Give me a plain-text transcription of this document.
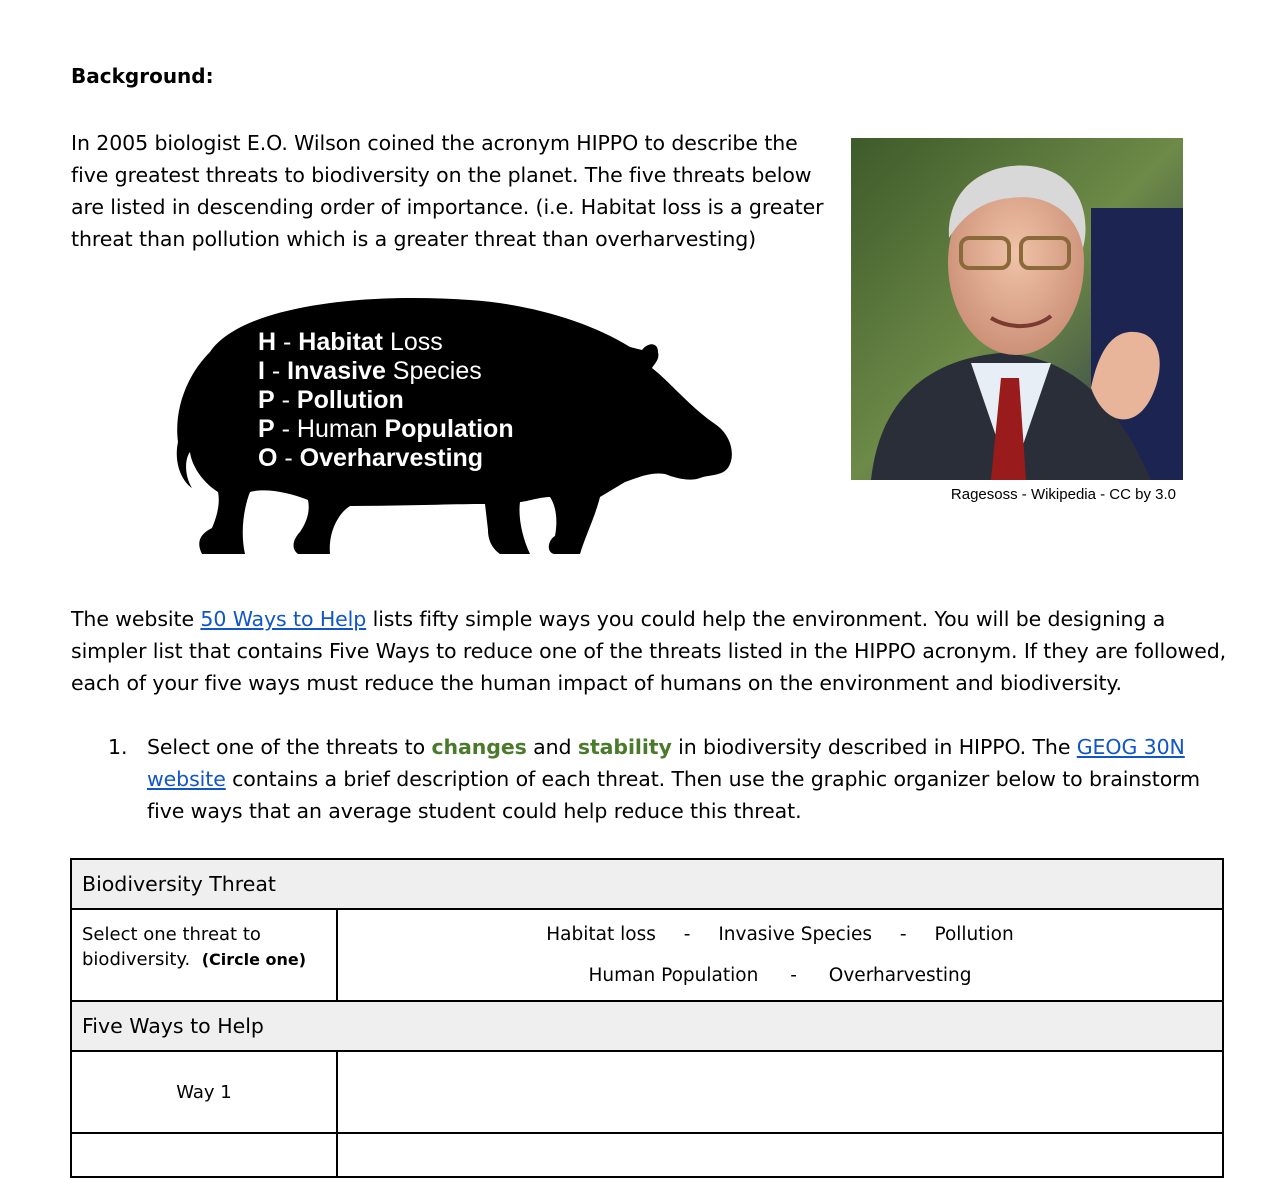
Background:
In 2005 biologist E.O. Wilson coined the acronym HIPPO to describe the five greatest threats to biodiversity on the planet. The five threats below are listed in descending order of importance. (i.e. Habitat loss is a greater threat than pollution which is a greater threat than overharvesting)
H - Habitat Loss
I - Invasive Species
P - Pollution
P - Human Population
O - Overharvesting
Ragesoss - Wikipedia - CC by 3.0
The website 50 Ways to Help lists fifty simple ways you could help the environment. You will be designing a simpler list that contains Five Ways to reduce one of the threats listed in the HIPPO acronym. If they are followed, each of your five ways must reduce the human impact of humans on the environment and biodiversity.
1. Select one of the threats to changes and stability in biodiversity described in HIPPO. The GEOG 30N website contains a brief description of each threat. Then use the graphic organizer below to brainstorm five ways that an average student could help reduce this threat.
Biodiversity Threat	
Select one threat to biodiversity. (Circle one)	Habitat loss - Invasive Species - Pollution
Human Population - Overharvesting

Five Ways to Help	
Way 1	
